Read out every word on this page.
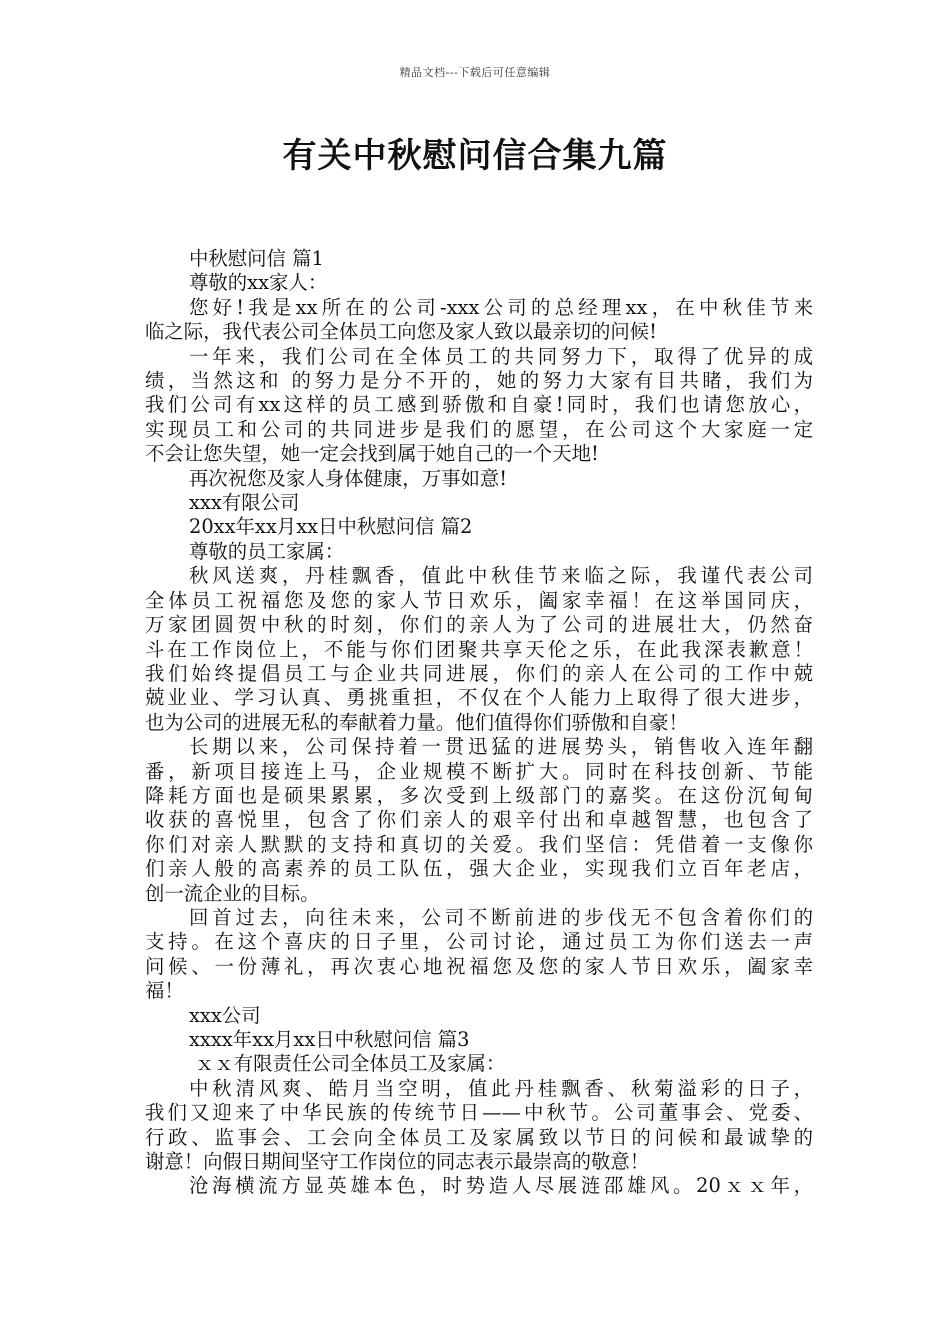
精品文档---下载后可任意编辑
有关中秋慰问信合集九篇
中秋慰问信 篇1
尊敬的xx家人：
您好!我是xx所在的公司-xxx公司的总经理xx，在中秋佳节来
临之际，我代表公司全体员工向您及家人致以最亲切的问候!
一年来，我们公司在全体员工的共同努力下，取得了优异的成
绩，当然这和 的努力是分不开的，她的努力大家有目共睹，我们为
我们公司有xx这样的员工感到骄傲和自豪!同时，我们也请您放心，
实现员工和公司的共同进步是我们的愿望，在公司这个大家庭一定
不会让您失望，她一定会找到属于她自己的一个天地!
再次祝您及家人身体健康，万事如意!
xxx有限公司
20xx年xx月xx日中秋慰问信 篇2
尊敬的员工家属：
秋风送爽，丹桂飘香，值此中秋佳节来临之际，我谨代表公司
全体员工祝福您及您的家人节日欢乐，阖家幸福！在这举国同庆，
万家团圆贺中秋的时刻，你们的亲人为了公司的进展壮大，仍然奋
斗在工作岗位上，不能与你们团聚共享天伦之乐，在此我深表歉意！
我们始终提倡员工与企业共同进展，你们的亲人在公司的工作中兢
兢业业、学习认真、勇挑重担，不仅在个人能力上取得了很大进步，
也为公司的进展无私的奉献着力量。他们值得你们骄傲和自豪！
长期以来，公司保持着一贯迅猛的进展势头，销售收入连年翻
番，新项目接连上马，企业规模不断扩大。同时在科技创新、节能
降耗方面也是硕果累累，多次受到上级部门的嘉奖。在这份沉甸甸
收获的喜悦里，包含了你们亲人的艰辛付出和卓越智慧，也包含了
你们对亲人默默的支持和真切的关爱。我们坚信：凭借着一支像你
们亲人般的高素养的员工队伍，强大企业，实现我们立百年老店，
创一流企业的目标。
回首过去，向往未来，公司不断前进的步伐无不包含着你们的
支持。在这个喜庆的日子里，公司讨论，通过员工为你们送去一声
问候、一份薄礼，再次衷心地祝福您及您的家人节日欢乐，阖家幸
福！
xxx公司
xxxx年xx月xx日中秋慰问信 篇3
ｘｘ有限责任公司全体员工及家属：
中秋清风爽、皓月当空明，值此丹桂飘香、秋菊溢彩的日子，
我们又迎来了中华民族的传统节日——中秋节。公司董事会、党委、
行政、监事会、工会向全体员工及家属致以节日的问候和最诚挚的
谢意！向假日期间坚守工作岗位的同志表示最崇高的敬意！
沧海横流方显英雄本色，时势造人尽展涟邵雄风。20ｘｘ年，
